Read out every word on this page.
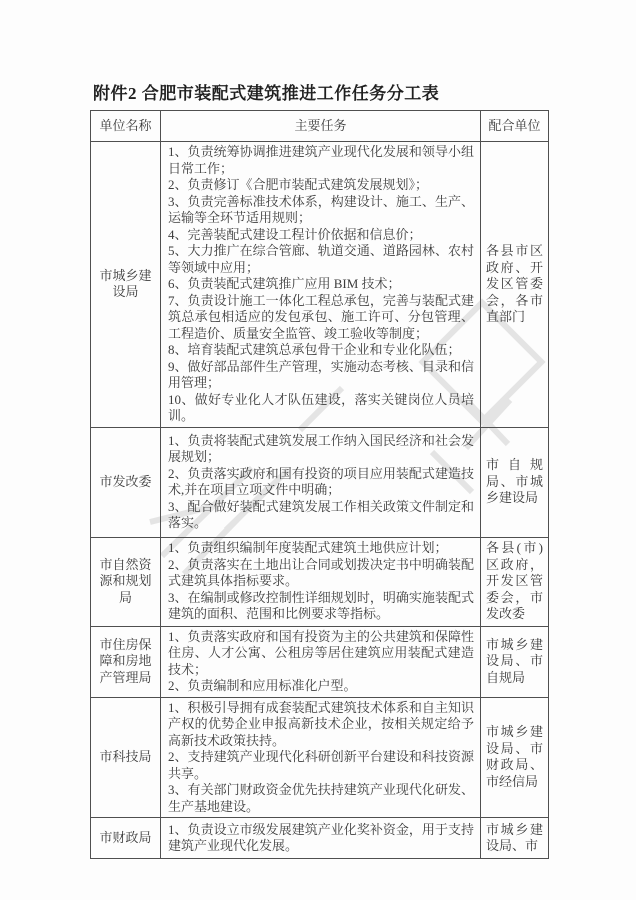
附件2 合肥市装配式建筑推进工作任务分工表
单位名称	主要任务	配合单位
市城乡建设局	
1、负责统筹协调推进建筑产业现代化发展和领导小组日常工作；
2、负责修订《合肥市装配式建筑发展规划》；
3、负责完善标准技术体系，构建设计、施工、生产、运输等全环节适用规则；
4、完善装配式建设工程计价依据和信息价；
5、大力推广在综合管廊、轨道交通、道路园林、农村等领域中应用；
6、负责装配式建筑推广应用 BIM 技术；
7、负责设计施工一体化工程总承包，完善与装配式建筑总承包相适应的发包承包、施工许可、分包管理、工程造价、质量安全监管、竣工验收等制度；
8、培育装配式建筑总承包骨干企业和专业化队伍；
9、做好部品部件生产管理，实施动态考核、目录和信用管理；
10、做好专业化人才队伍建设，落实关键岗位人员培训。
	各县市区政府、开发区管委会，各市直部门
市发改委	1、负责将装配式建筑发展工作纳入国民经济和社会发展规划；
2、负责落实政府和国有投资的项目应用装配式建造技术,并在项目立项文件中明确；
3、配合做好装配式建筑发展工作相关政策文件制定和落实。	市自规局、市城乡建设局
市自然资源和规划局	1、负责组织编制年度装配式建筑土地供应计划；
2、负责落实在土地出让合同或划拨决定书中明确装配式建筑具体指标要求。
3、在编制或修改控制性详细规划时，明确实施装配式建筑的面积、范围和比例要求等指标。	各县(市)区政府，开发区管委会，市发改委
市住房保障和房地产管理局	1、负责落实政府和国有投资为主的公共建筑和保障性住房、人才公寓、公租房等居住建筑应用装配式建造技术；
2、负责编制和应用标准化户型。	市城乡建设局、市自规局
市科技局	1、积极引导拥有成套装配式建筑技术体系和自主知识产权的优势企业申报高新技术企业，按相关规定给予高新技术政策扶持。
2、支持建筑产业现代化科研创新平台建设和科技资源共享。
3、有关部门财政资金优先扶持建筑产业现代化研发、生产基地建设。	市城乡建设局、市财政局、市经信局
市财政局	1、负责设立市级发展建筑产业化奖补资金，用于支持建筑产业现代化发展。	市城乡建设局、市
